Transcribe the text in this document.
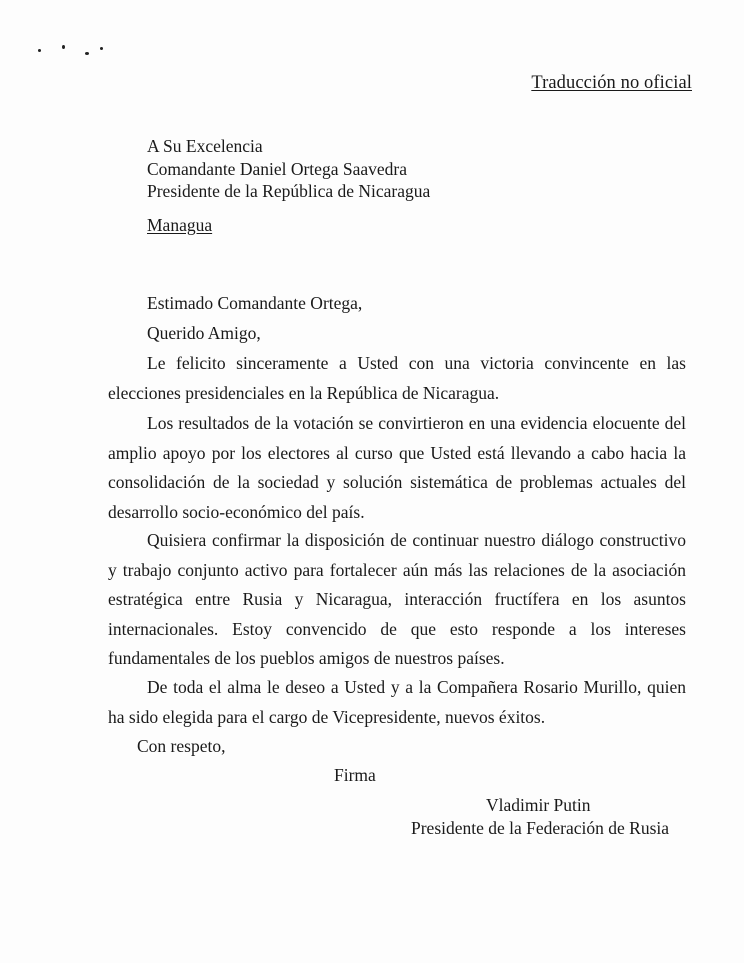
Traducción no oficial
A Su Excelencia
Comandante Daniel Ortega Saavedra
Presidente de la República de Nicaragua
Managua
Estimado Comandante Ortega,
Querido Amigo,

Le felicito sinceramente a Usted con una victoria convincente en las elecciones presidenciales en la República de Nicaragua.

Los resultados de la votación se convirtieron en una evidencia elocuente del amplio apoyo por los electores al curso que Usted está llevando a cabo hacia la consolidación de la sociedad y solución sistemática de problemas actuales del desarrollo socio-económico del país.

Quisiera confirmar la disposición de continuar nuestro diálogo constructivo y trabajo conjunto activo para fortalecer aún más las relaciones de la asociación estratégica entre Rusia y Nicaragua, interacción fructífera en los asuntos internacionales. Estoy convencido de que esto responde a los intereses fundamentales de los pueblos amigos de nuestros países.

De toda el alma le deseo a Usted y a la Compañera Rosario Murillo, quien ha sido elegida para el cargo de Vicepresidente, nuevos éxitos.

Con respeto,
Firma
Vladimir Putin
Presidente de la Federación de Rusia
